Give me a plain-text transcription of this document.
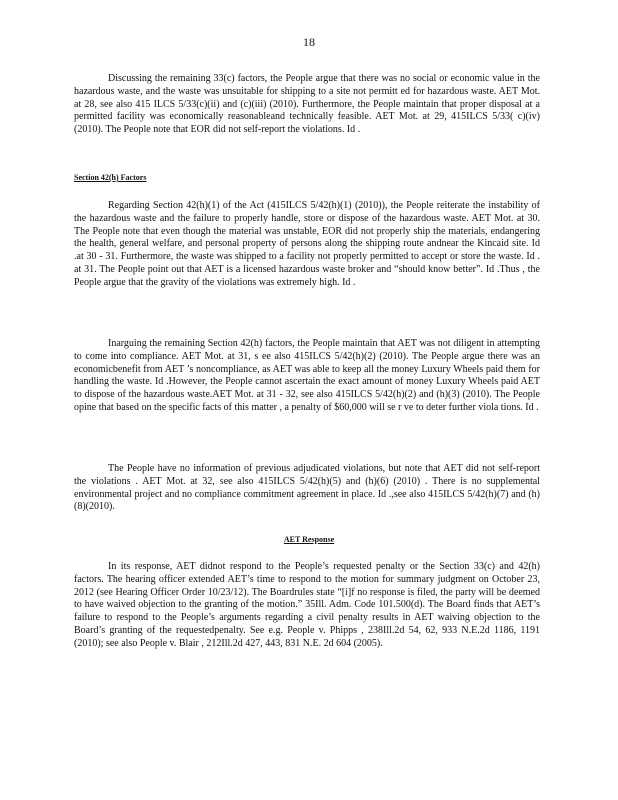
18

Discussing the remaining 33(c) factors, the People argue that there was no social or economic value in the hazardous waste, and the waste was unsuitable for shipping to a site not permitt ed for hazardous waste. AET Mot. at 28, see also 415 ILCS 5/33(c)(ii) and (c)(iii) (2010). Furthermore, the People maintain that proper disposal at a permitted facility was economically reasonableand technically feasible. AET Mot. at 29, 415ILCS 5/33( c)(iv) (2010). The People note that EOR did not self-report the violations. Id .

Section 42(h) Factors

Regarding Section 42(h)(1) of the Act (415ILCS 5/42(h)(1) (2010)), the People reiterate the instability of the hazardous waste and the failure to properly handle, store or dispose of the hazardous waste. AET Mot. at 30. The People note that even though the material was unstable, EOR did not properly ship the materials, endangering the health, general welfare, and personal property of persons along the shipping route andnear the Kincaid site. Id .at 30 - 31. Furthermore, the waste was shipped to a facility not properly permitted to accept or store the waste. Id . at 31. The People point out that AET is a licensed hazardous waste broker and “should know better”. Id .Thus , the People argue that the gravity of the violations was extremely high. Id .

Inarguing the remaining Section 42(h) factors, the People maintain that AET was not diligent in attempting to come into compliance. AET Mot. at 31, s ee also 415ILCS 5/42(h)(2) (2010). The People argue there was an economicbenefit from AET ’s noncompliance, as AET was able to keep all the money Luxury Wheels paid them for handling the waste. Id .However, the People cannot ascertain the exact amount of money Luxury Wheels paid AET to dispose of the hazardous waste.AET Mot. at 31 - 32, see also 415ILCS 5/42(h)(2) and (h)(3) (2010). The People opine that based on the specific facts of this matter , a penalty of $60,000 will se r ve to deter further viola tions. Id .

The People have no information of previous adjudicated violations, but note that AET did not self-report the violations . AET Mot. at 32, see also 415ILCS 5/42(h)(5) and (h)(6) (2010) . There is no supplemental environmental project and no compliance commitment agreement in place. Id .,see also 415ILCS 5/42(h)(7) and (h)(8)(2010).

AET Response

In its response, AET didnot respond to the People’s requested penalty or the Section 33(c) and 42(h) factors. The hearing officer extended AET’s time to respond to the motion for summary judgment on October 23, 2012 (see Hearing Officer Order 10/23/12). The Boardrules state “[i]f no response is filed, the party will be deemed to have waived objection to the granting of the motion.” 35Ill. Adm. Code 101.500(d). The Board finds that AET’s failure to respond to the People’s arguments regarding a civil penalty results in AET waiving objection to the Board’s granting of the requestedpenalty. See e.g. People v. Phipps , 238Ill.2d 54, 62, 933 N.E.2d 1186, 1191 (2010); see also People v. Blair , 212Ill.2d 427, 443, 831 N.E. 2d 604 (2005).
